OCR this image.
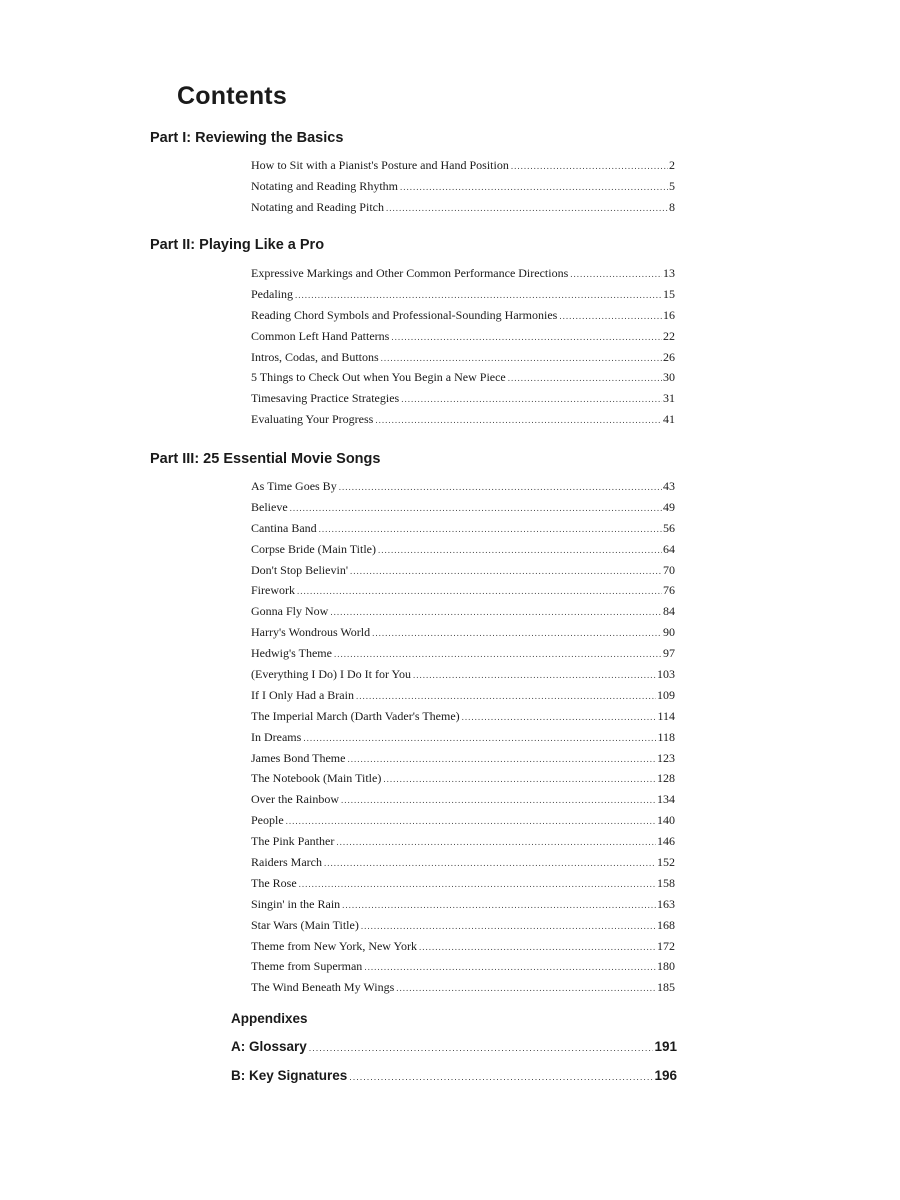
Contents
Part I: Reviewing the Basics
How to Sit with a Pianist's Posture and Hand Position .....	2
Notating and Reading Rhythm .....	5
Notating and Reading Pitch .....	8
Part II: Playing Like a Pro
Expressive Markings and Other Common Performance Directions .....	13
Pedaling .....	15
Reading Chord Symbols and Professional-Sounding Harmonies .....	16
Common Left Hand Patterns .....	22
Intros, Codas, and Buttons .....	26
5 Things to Check Out when You Begin a New Piece .....	30
Timesaving Practice Strategies .....	31
Evaluating Your Progress .....	41
Part III: 25 Essential Movie Songs
As Time Goes By .....	43
Believe .....	49
Cantina Band .....	56
Corpse Bride (Main Title) .....	64
Don't Stop Believin' .....	70
Firework .....	76
Gonna Fly Now .....	84
Harry's Wondrous World .....	90
Hedwig's Theme .....	97
(Everything I Do) I Do It for You .....	103
If I Only Had a Brain .....	109
The Imperial March (Darth Vader's Theme) .....	114
In Dreams .....	118
James Bond Theme .....	123
The Notebook (Main Title) .....	128
Over the Rainbow .....	134
People .....	140
The Pink Panther .....	146
Raiders March .....	152
The Rose .....	158
Singin' in the Rain .....	163
Star Wars (Main Title) .....	168
Theme from New York, New York .....	172
Theme from Superman .....	180
The Wind Beneath My Wings .....	185
Appendixes
A: Glossary .....	191
B: Key Signatures .....	196
